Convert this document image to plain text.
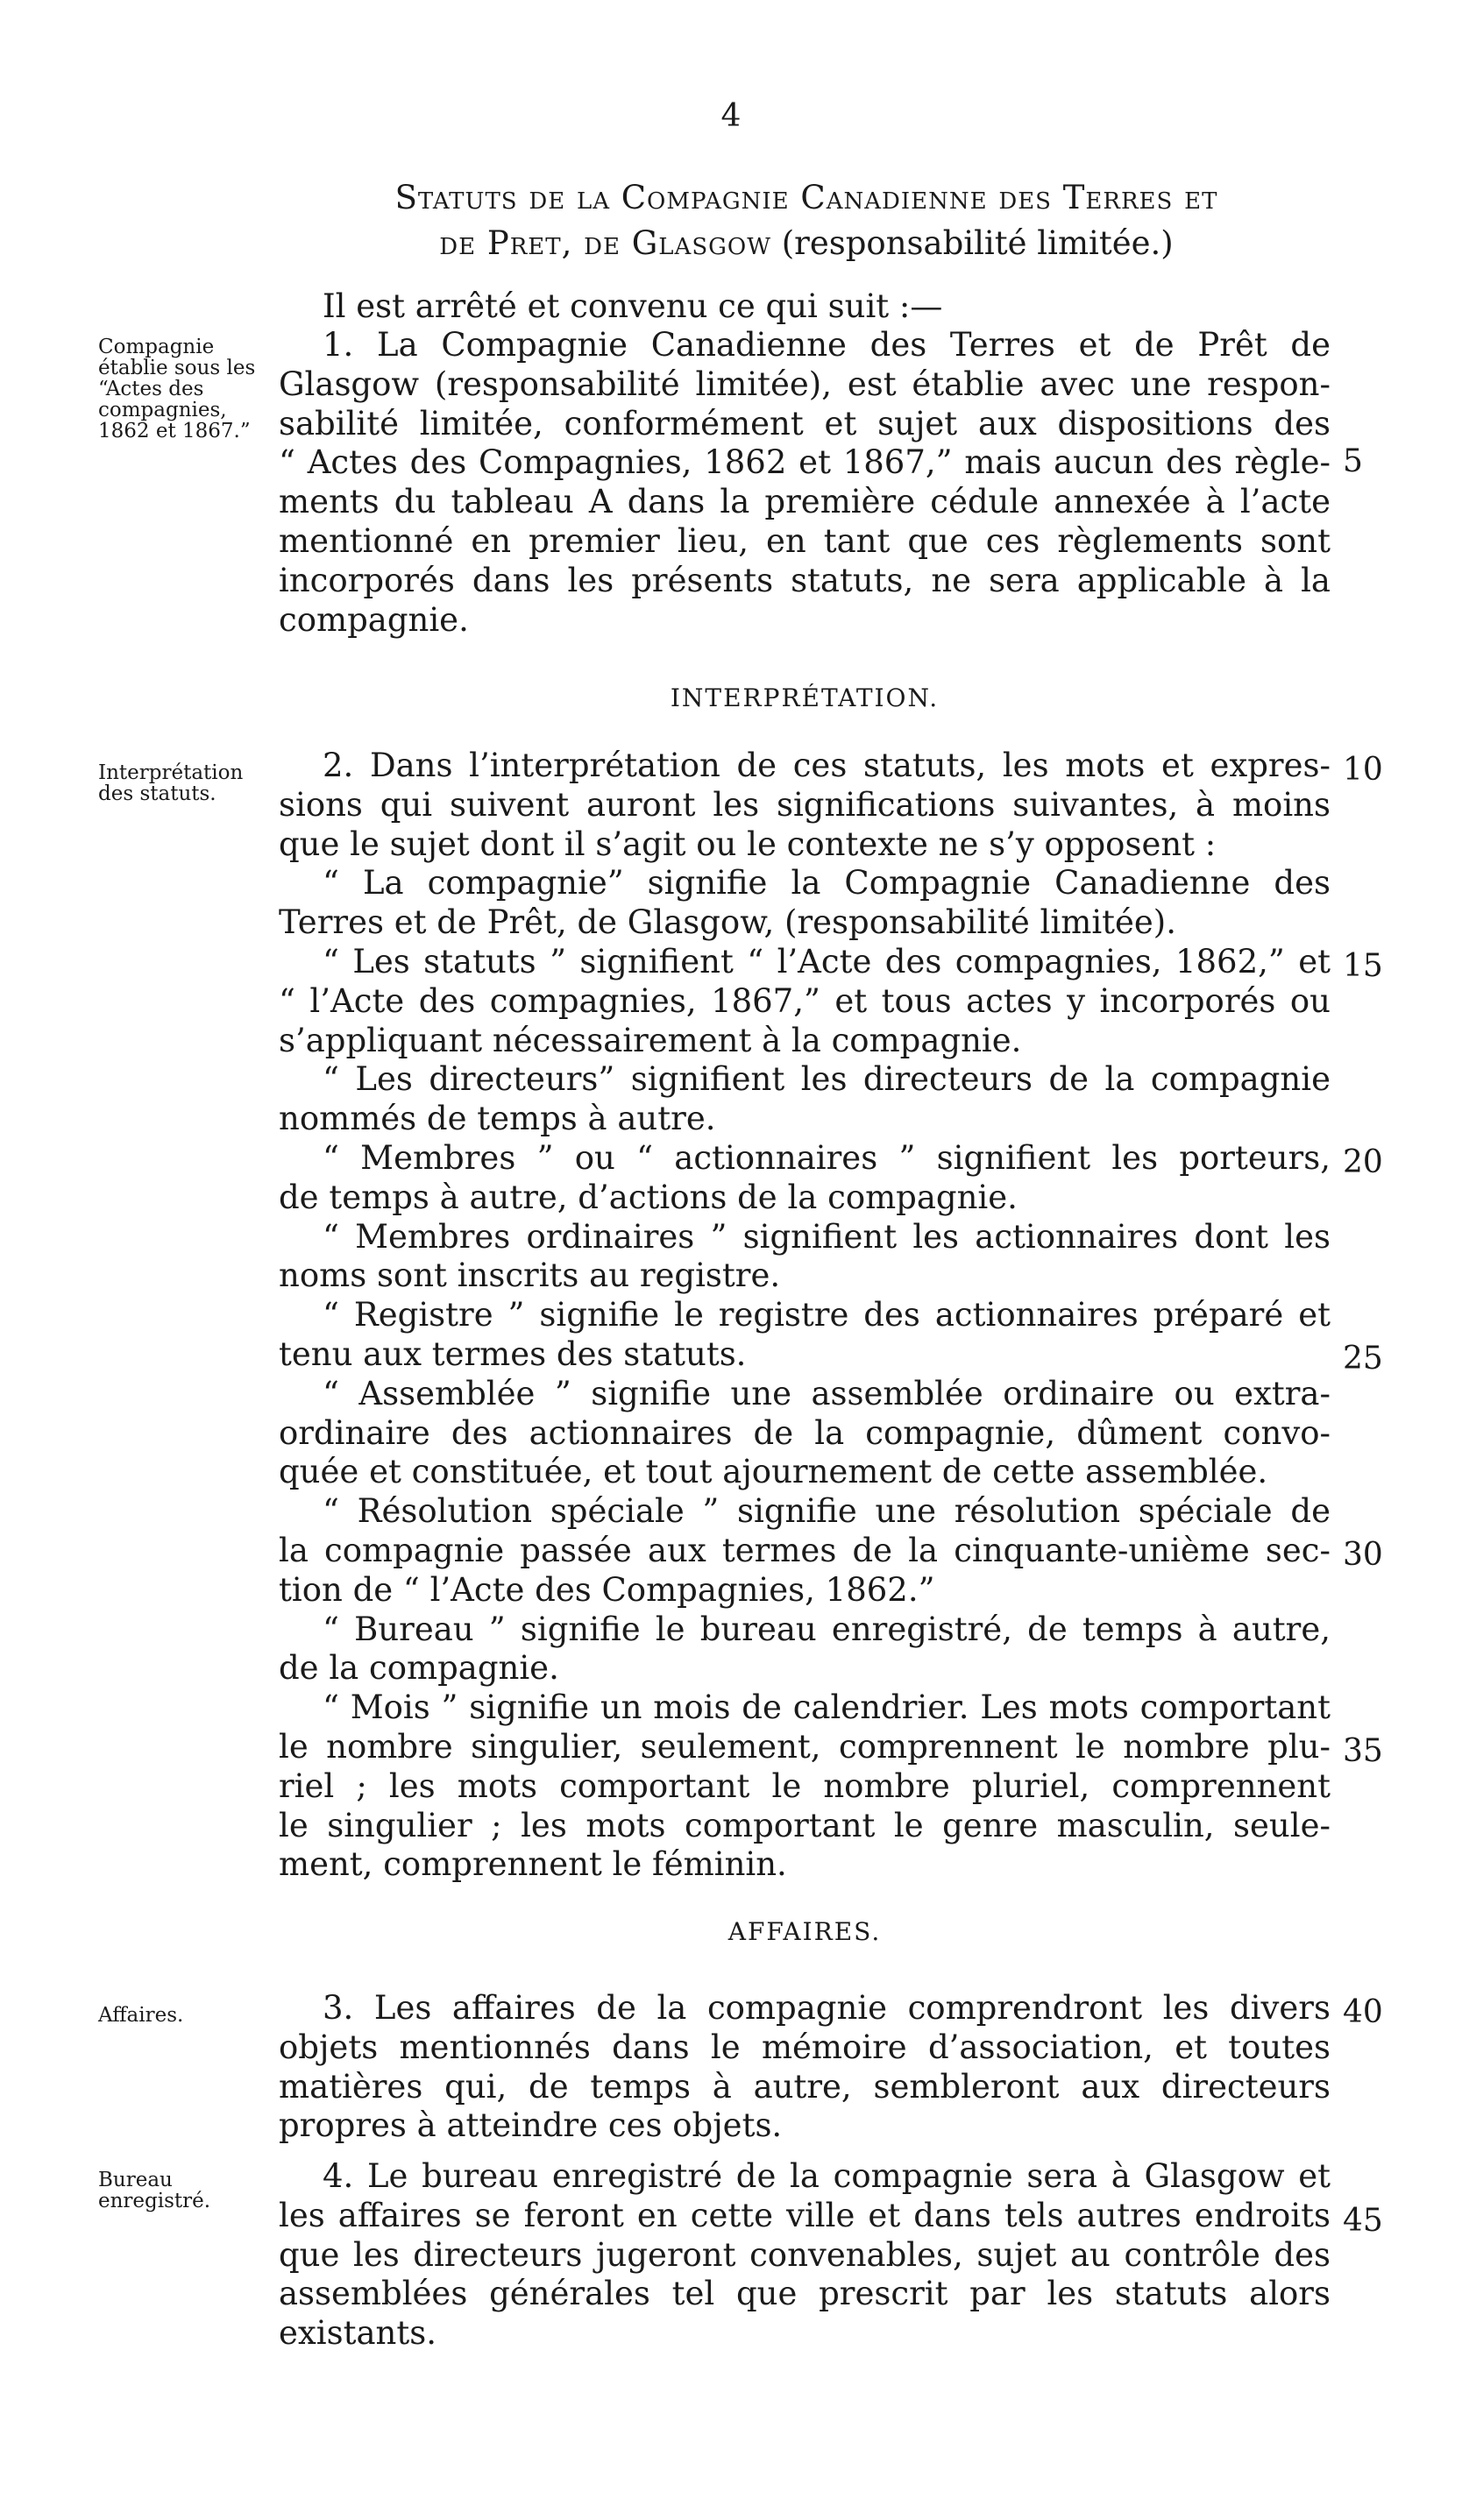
4
Statuts de la Compagnie Canadienne des Terres et
de Pret, de Glasgow (responsabilité limitée.)
Il est arrêté et convenu ce qui suit :—
Compagnie établie sous les “Actes des compagnies, 1862 et 1867.”
1. La Compagnie Canadienne des Terres et de Prêt de
Glasgow (responsabilité limitée), est établie avec une respon-
sabilité limitée, conformément et sujet aux dispositions des
“ Actes des Compagnies, 1862 et 1867,” mais aucun des règle-
ments du tableau A dans la première cédule annexée à l’acte
mentionné en premier lieu, en tant que ces règlements sont
incorporés dans les présents statuts, ne sera applicable à la
compagnie.
INTERPRÉTATION.
Interprétation des statuts.
2. Dans l’interprétation de ces statuts, les mots et expres-
sions qui suivent auront les significations suivantes, à moins
que le sujet dont il s’agit ou le contexte ne s’y opposent :
“ La compagnie” signifie la Compagnie Canadienne des
Terres et de Prêt, de Glasgow, (responsabilité limitée).
“ Les statuts ” signifient “ l’Acte des compagnies, 1862,” et
“ l’Acte des compagnies, 1867,” et tous actes y incorporés ou
s’appliquant nécessairement à la compagnie.
“ Les directeurs” signifient les directeurs de la compagnie
nommés de temps à autre.
“ Membres ” ou “ actionnaires ” signifient les porteurs,
de temps à autre, d’actions de la compagnie.
“ Membres ordinaires ” signifient les actionnaires dont les
noms sont inscrits au registre.
“ Registre ” signifie le registre des actionnaires préparé et
tenu aux termes des statuts.
“ Assemblée ” signifie une assemblée ordinaire ou extra-
ordinaire des actionnaires de la compagnie, dûment convo-
quée et constituée, et tout ajournement de cette assemblée.
“ Résolution spéciale ” signifie une résolution spéciale de
la compagnie passée aux termes de la cinquante-unième sec-
tion de “ l’Acte des Compagnies, 1862.”
“ Bureau ” signifie le bureau enregistré, de temps à autre,
de la compagnie.
“ Mois ” signifie un mois de calendrier. Les mots comportant
le nombre singulier, seulement, comprennent le nombre plu-
riel ; les mots comportant le nombre pluriel, comprennent
le singulier ; les mots comportant le genre masculin, seule-
ment, comprennent le féminin.
AFFAIRES.
Affaires.	3. Les affaires de la compagnie comprendront les divers
objets mentionnés dans le mémoire d’association, et toutes
matières qui, de temps à autre, sembleront aux directeurs
propres à atteindre ces objets.
Bureau enregistré.
4. Le bureau enregistré de la compagnie sera à Glasgow et
les affaires se feront en cette ville et dans tels autres endroits
que les directeurs jugeront convenables, sujet au contrôle des
assemblées générales tel que prescrit par les statuts alors
existants.
5
10
15
20
25
30
35
40
45
